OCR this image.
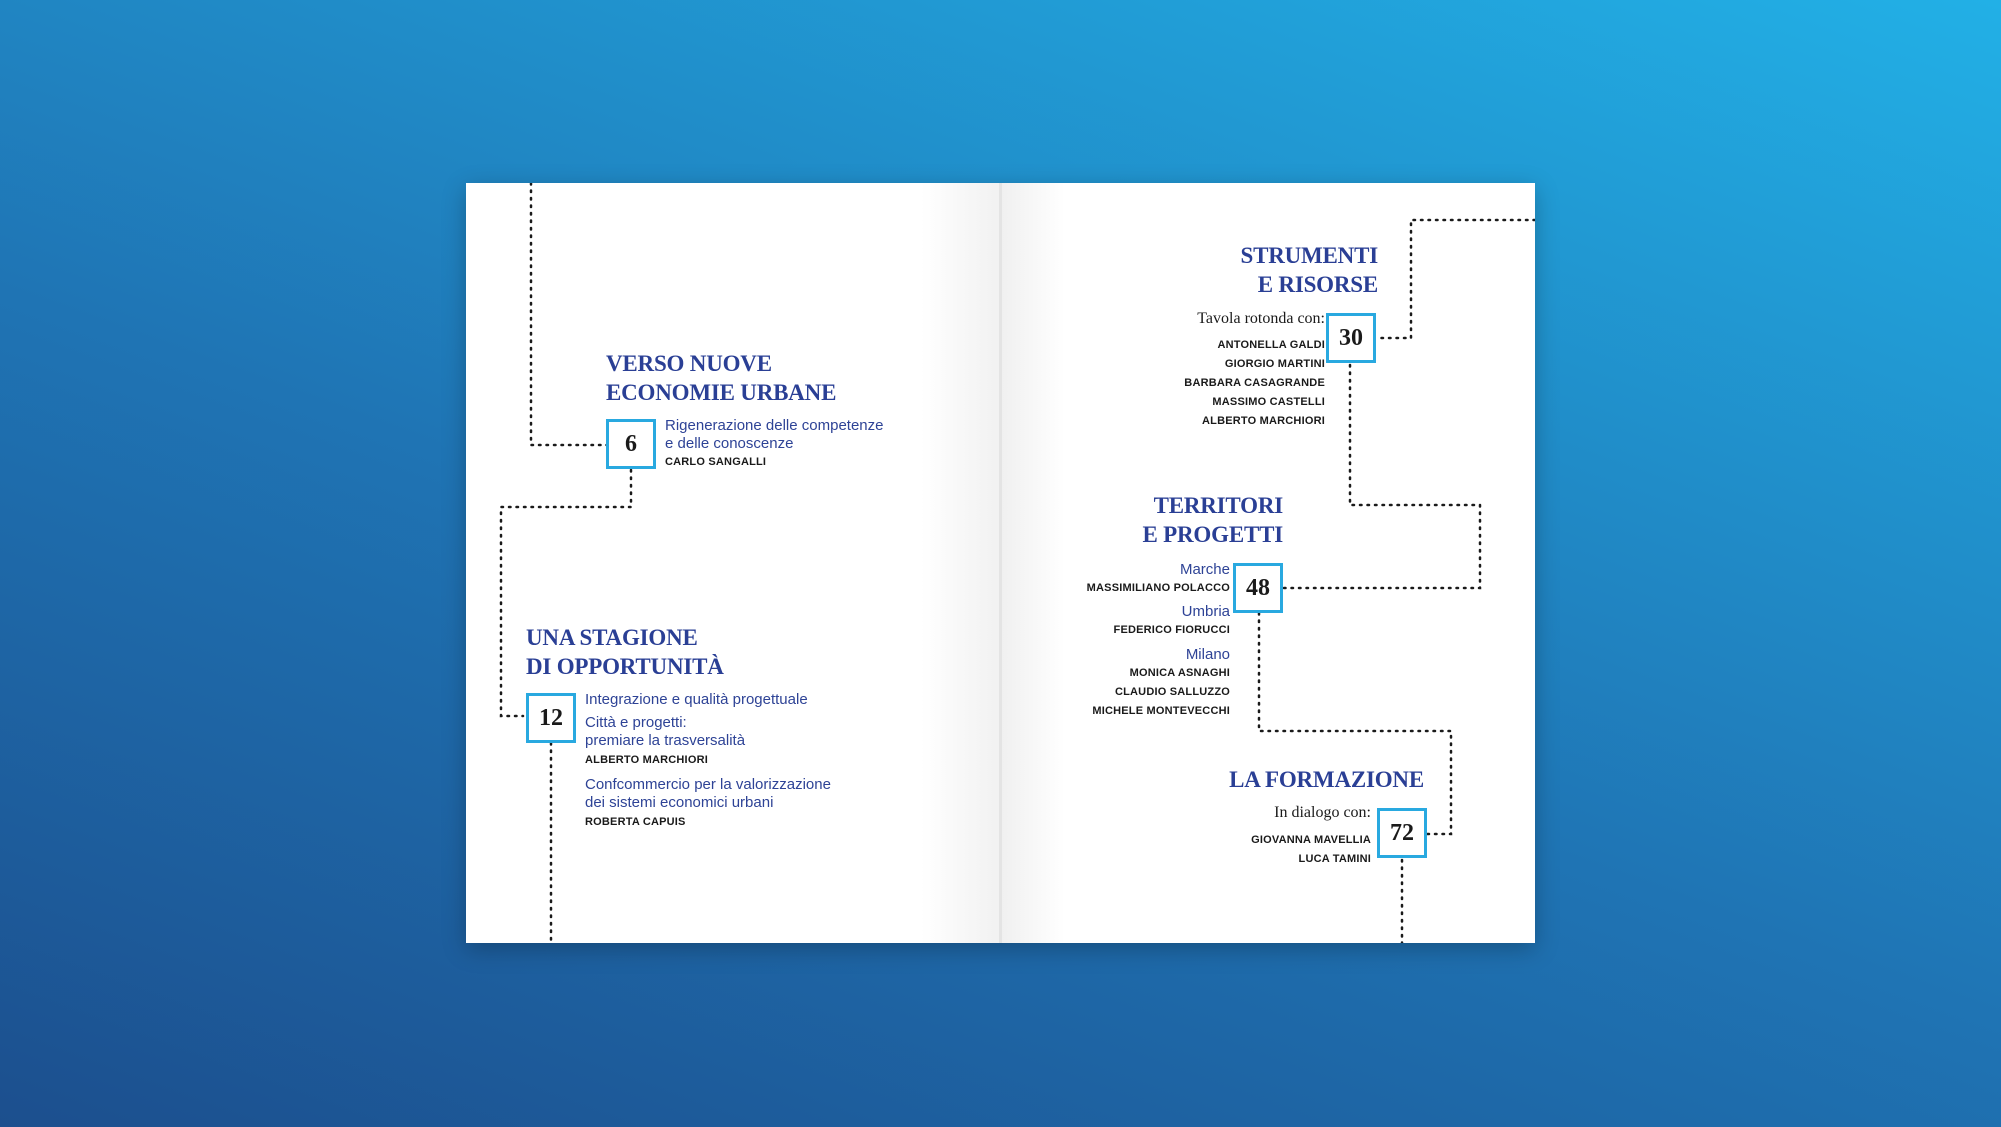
VERSO NUOVE
ECONOMIE URBANE
6
Rigenerazione delle competenze
e delle conoscenze
CARLO SANGALLI
UNA STAGIONE
DI OPPORTUNITÀ
12
Integrazione e qualità progettuale
Città e progetti:
premiare la trasversalità
ALBERTO MARCHIORI
Confcommercio per la valorizzazione
dei sistemi economici urbani
ROBERTA CAPUIS
STRUMENTI
E RISORSE
30
Tavola rotonda con:
ANTONELLA GALDI
GIORGIO MARTINI
BARBARA CASAGRANDE
MASSIMO CASTELLI
ALBERTO MARCHIORI
TERRITORI
E PROGETTI
48
Marche
MASSIMILIANO POLACCO
Umbria
FEDERICO FIORUCCI
Milano
MONICA ASNAGHI
CLAUDIO SALLUZZO
MICHELE MONTEVECCHI
LA FORMAZIONE
72
In dialogo con:
GIOVANNA MAVELLIA
LUCA TAMINI
